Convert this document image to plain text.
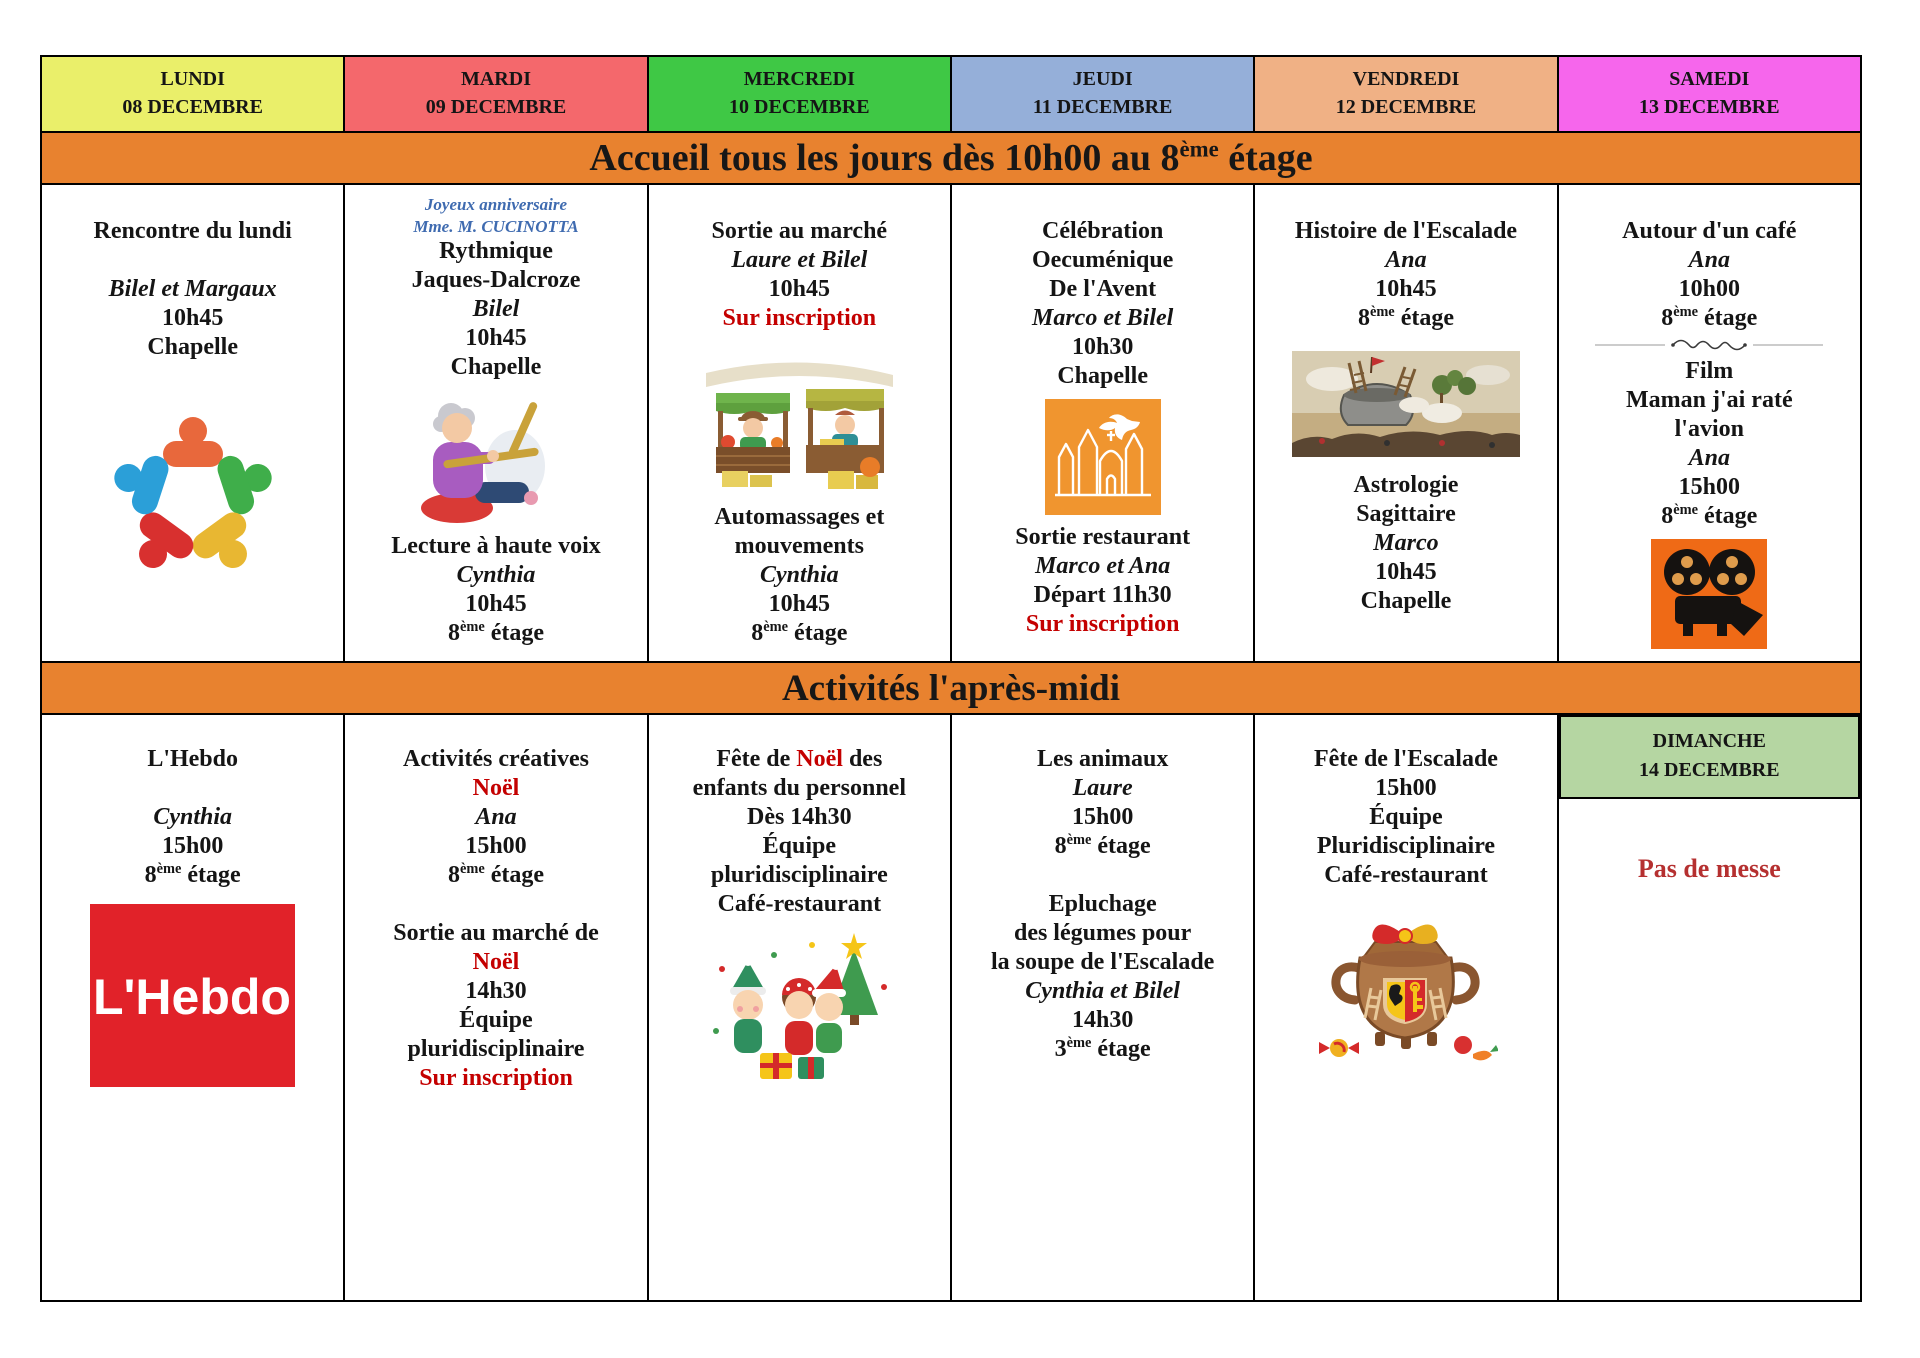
LUNDI
08 DECEMBRE
MARDI
09 DECEMBRE
MERCREDI
10 DECEMBRE
JEUDI
11 DECEMBRE
VENDREDI
12 DECEMBRE
SAMEDI
13 DECEMBRE
Accueil tous les jours dès 10h00 au 8ème étage
Rencontre du lundi
Bilel et Margaux
10h45
Chapelle
Joyeux anniversaire
Mme. M. CUCINOTTA
Rythmique
Jaques-Dalcroze
Bilel
10h45
Chapelle
Lecture à haute voix
Cynthia
10h45
8ème étage
Sortie au marché
Laure et Bilel
10h45
Sur inscription
Automassages et
mouvements
Cynthia
10h45
8ème étage
Célébration
Oecuménique
De l'Avent
Marco et Bilel
10h30
Chapelle
Sortie restaurant
Marco et Ana
Départ 11h30
Sur inscription
Histoire de l'Escalade
Ana
10h45
8ème étage
Astrologie
Sagittaire
Marco
10h45
Chapelle
Autour d'un café
Ana
10h00
8ème étage
Film
Maman j'ai raté
l'avion
Ana
15h00
8ème étage
Activités l'après-midi
L'Hebdo
Cynthia
15h00
8ème étage
L'Hebdo
Activités créatives
Noël
Ana
15h00
8ème étage
Sortie au marché de
Noël
14h30
Équipe
pluridisciplinaire
Sur inscription
Fête de Noël des
enfants du personnel
Dès 14h30
Équipe
pluridisciplinaire
Café-restaurant
Les animaux
Laure
15h00
8ème étage
Epluchage
des légumes pour
la soupe de l'Escalade
Cynthia et Bilel
14h30
3ème étage
Fête de l'Escalade
15h00
Équipe
Pluridisciplinaire
Café-restaurant
DIMANCHE
14 DECEMBRE
Pas de messe
